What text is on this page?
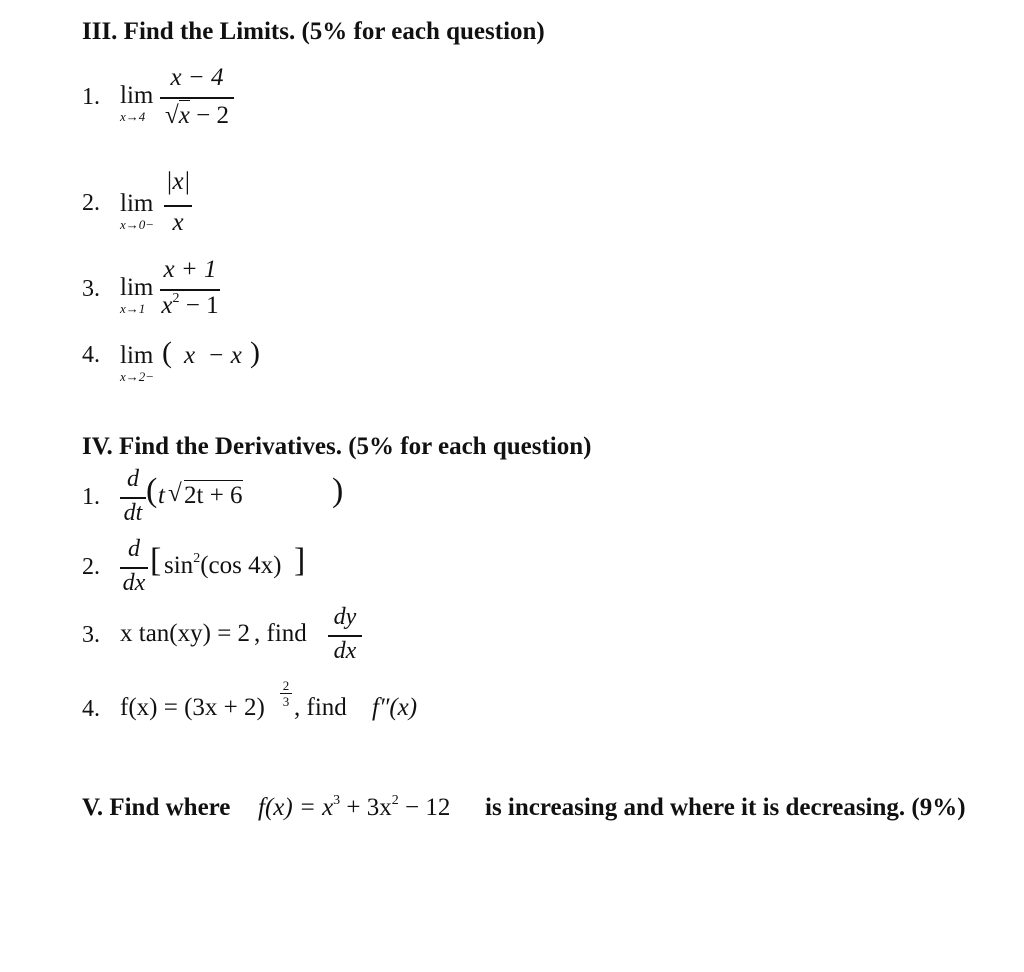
III. Find the Limits. (5% for each question)
1. lim
x→4
x − 4
√x − 2
2. lim
x→0−
|x|
x
3. lim
x→1
x + 1
$x^2 - 1$
4. lim
x→2−
( x  − x )
IV. Find the Derivatives. (5% for each question)
1.
d
dt
( t √ 2t + 6	)
2.
d
dx
[ $\sin^2(\cos$ 4x) ]
3. x tan(xy) = 2 , find
dy
dx
4. f(x) = (3x + 2)
2
3 , find f″(x)
V. Find where $f(x) = x^3 + 3x^2 - 12$ is increasing and where it is decreasing. (9%)
